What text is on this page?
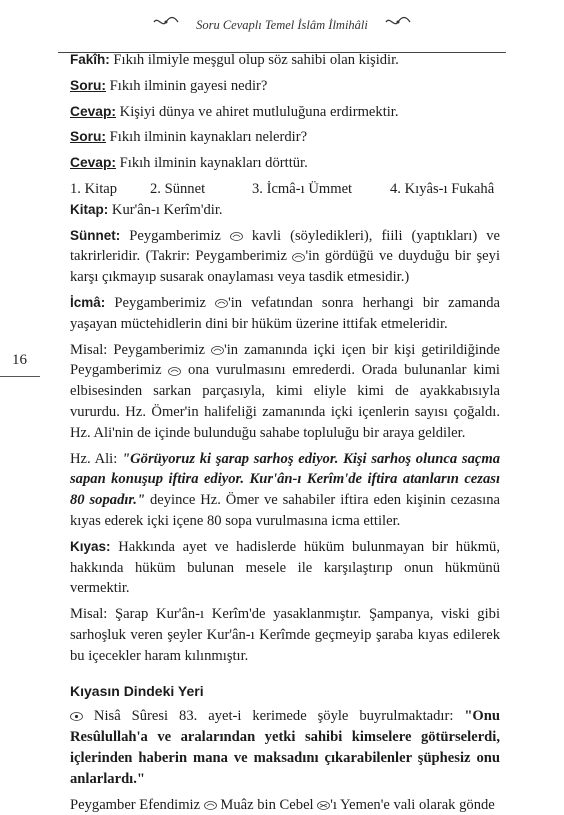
Soru Cevaplı Temel İslâm İlmihâli
16

Fakîh: Fıkıh ilmiyle meşgul olup söz sahibi olan kişidir.

Soru: Fıkıh ilminin gayesi nedir?

Cevap: Kişiyi dünya ve ahiret mutluluğuna erdirmektir.

Soru: Fıkıh ilminin kaynakları nelerdir?

Cevap: Fıkıh ilminin kaynakları dörttür.

1. Kitap	2. Sünnet	3. İcmâ-ı Ümmet	4. Kıyâs-ı Fukahâ

Kitap: Kur'ân-ı Kerîm'dir.

Sünnet: Peygamberimiz
kavli (söyledikleri), fiili (yaptıkları) ve takrirleridir. (Takrir: Peygamberimiz
'in gördüğü ve duyduğu bir şeyi karşı çıkmayıp susarak onaylaması veya tasdik etmesidir.)

İcmâ: Peygamberimiz
'in vefatından sonra herhangi bir zamanda yaşayan müctehidlerin dini bir hüküm üzerine ittifak etmeleridir.

Misal: Peygamberimiz
'in zamanında içki içen bir kişi getirildiğinde Peygamberimiz
ona vurulmasını emrederdi. Orada bulunanlar kimi elbisesinden sarkan parçasıyla, kimi eliyle kimi de ayakkabısıyla vururdu. Hz. Ömer'in halifeliği zamanında içki içenlerin sayısı çoğaldı. Hz. Ali'nin de içinde bulunduğu sahabe topluluğu bir araya geldiler.

Hz. Ali: "Görüyoruz ki şarap sarhoş ediyor. Kişi sarhoş olunca saçma sapan konuşup iftira ediyor. Kur'ân-ı Kerîm'de iftira atanların cezası 80 sopadır." deyince Hz. Ömer ve sahabiler iftira eden kişinin cezasına kıyas ederek içki içene 80 sopa vurulmasına icma ettiler.

Kıyas: Hakkında ayet ve hadislerde hüküm bulunmayan bir hükmü, hakkında hüküm bulunan mesele ile karşılaştırıp onun hükmünü vermektir.

Misal: Şarap Kur'ân-ı Kerîm'de yasaklanmıştır. Şampanya, viski gibi sarhoşluk veren şeyler Kur'ân-ı Kerîmde geçmeyip şaraba kıyas edilerek bu içecekler haram kılınmıştır.

Kıyasın Dindeki Yeri

Nisâ Sûresi 83. ayet-i kerimede şöyle buyrulmaktadır: "Onu Resûlullah'a ve aralarından yetki sahibi kimselere götürselerdi, içlerinden haberin mana ve maksadını çıkarabilenler şüphesiz onu anlarlardı."

Peygamber Efendimiz
Muâz bin Cebel
'ı Yemen'e vali olarak gönde
